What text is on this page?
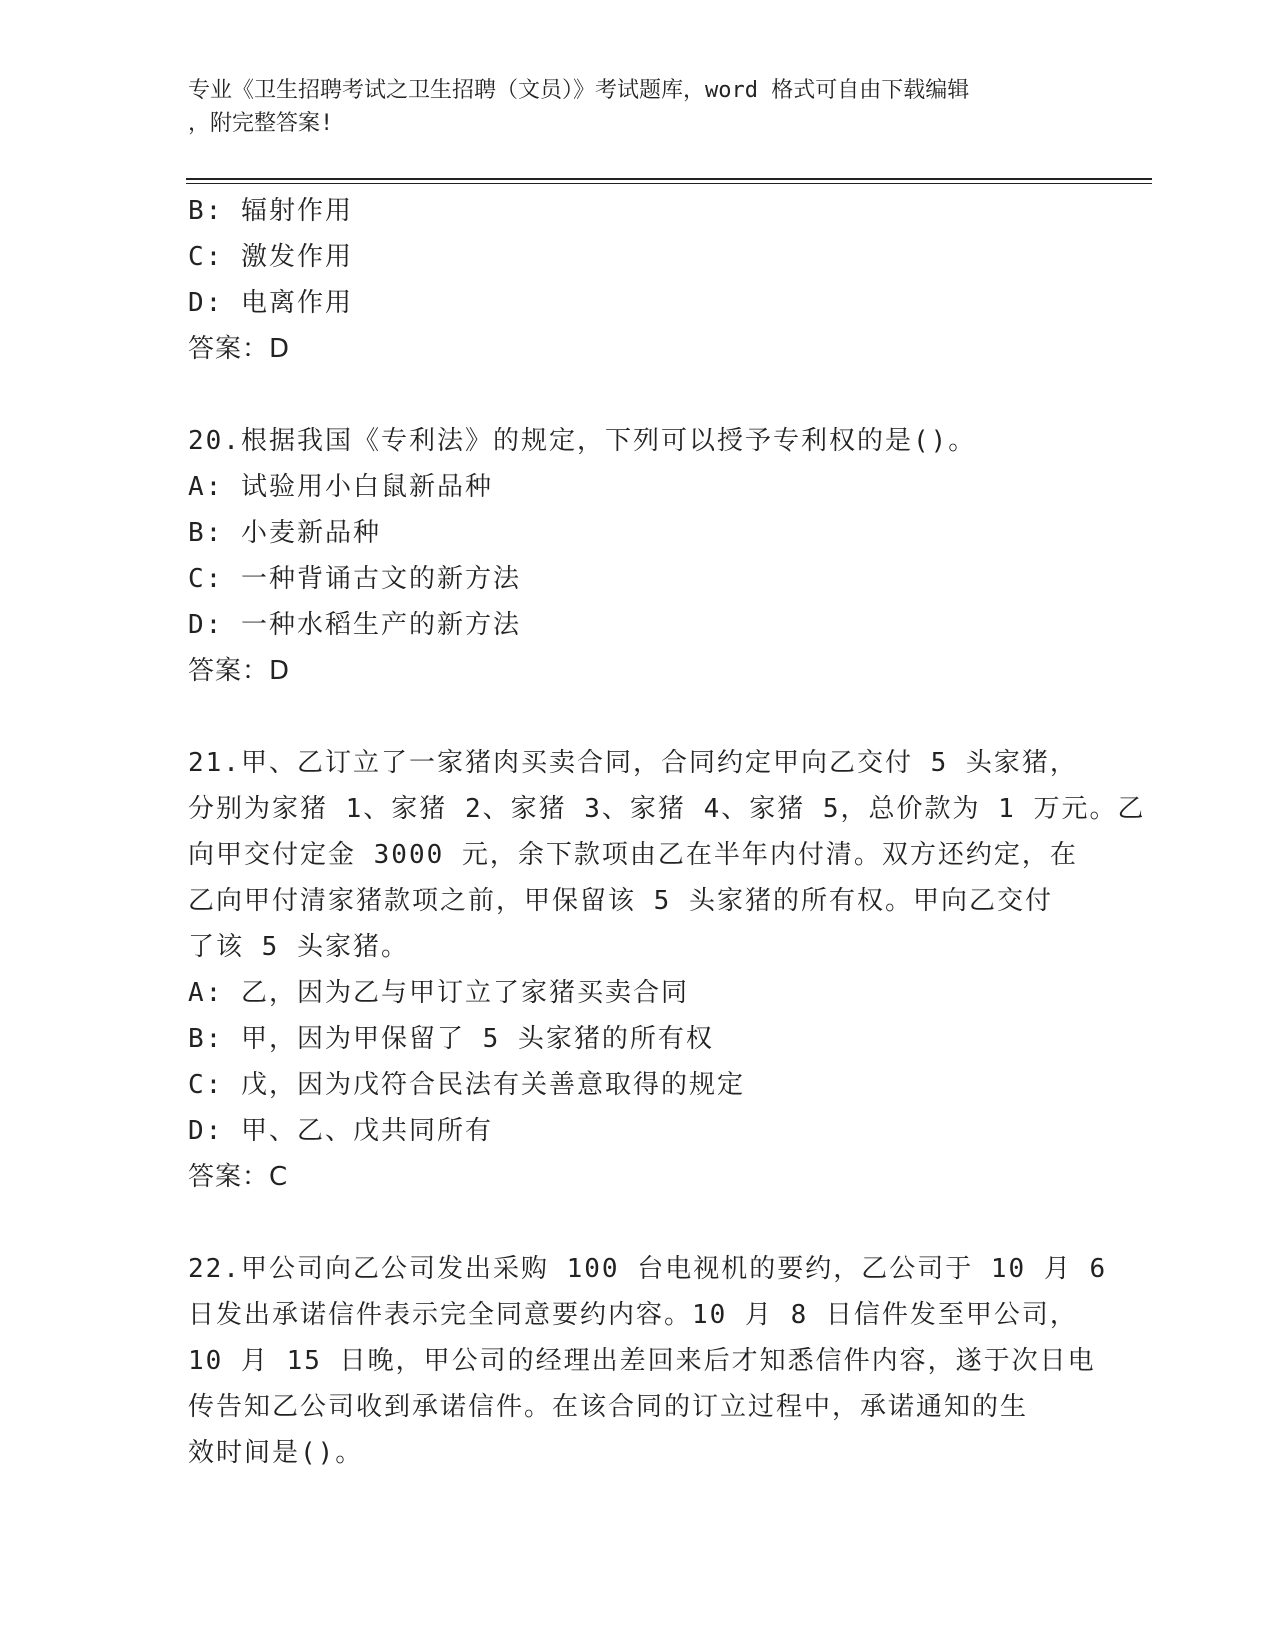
专业《卫生招聘考试之卫生招聘（文员）》考试题库，word 格式可自由下载编辑
，附完整答案!
B: 辐射作用
C: 激发作用
D: 电离作用
答案：D
20.根据我国《专利法》的规定，下列可以授予专利权的是()。
A: 试验用小白鼠新品种
B: 小麦新品种
C: 一种背诵古文的新方法
D: 一种水稻生产的新方法
答案：D
21.甲、乙订立了一家猪肉买卖合同，合同约定甲向乙交付 5 头家猪，
分别为家猪 1、家猪 2、家猪 3、家猪 4、家猪 5，总价款为 1 万元。乙
向甲交付定金 3000 元，余下款项由乙在半年内付清。双方还约定，在
乙向甲付清家猪款项之前，甲保留该 5 头家猪的所有权。甲向乙交付
了该 5 头家猪。
A: 乙，因为乙与甲订立了家猪买卖合同
B: 甲，因为甲保留了 5 头家猪的所有权
C: 戊，因为戊符合民法有关善意取得的规定
D: 甲、乙、戊共同所有
答案：C
22.甲公司向乙公司发出采购 100 台电视机的要约，乙公司于 10 月 6
日发出承诺信件表示完全同意要约内容。10 月 8 日信件发至甲公司，
10 月 15 日晚，甲公司的经理出差回来后才知悉信件内容，遂于次日电
传告知乙公司收到承诺信件。在该合同的订立过程中，承诺通知的生
效时间是()。
